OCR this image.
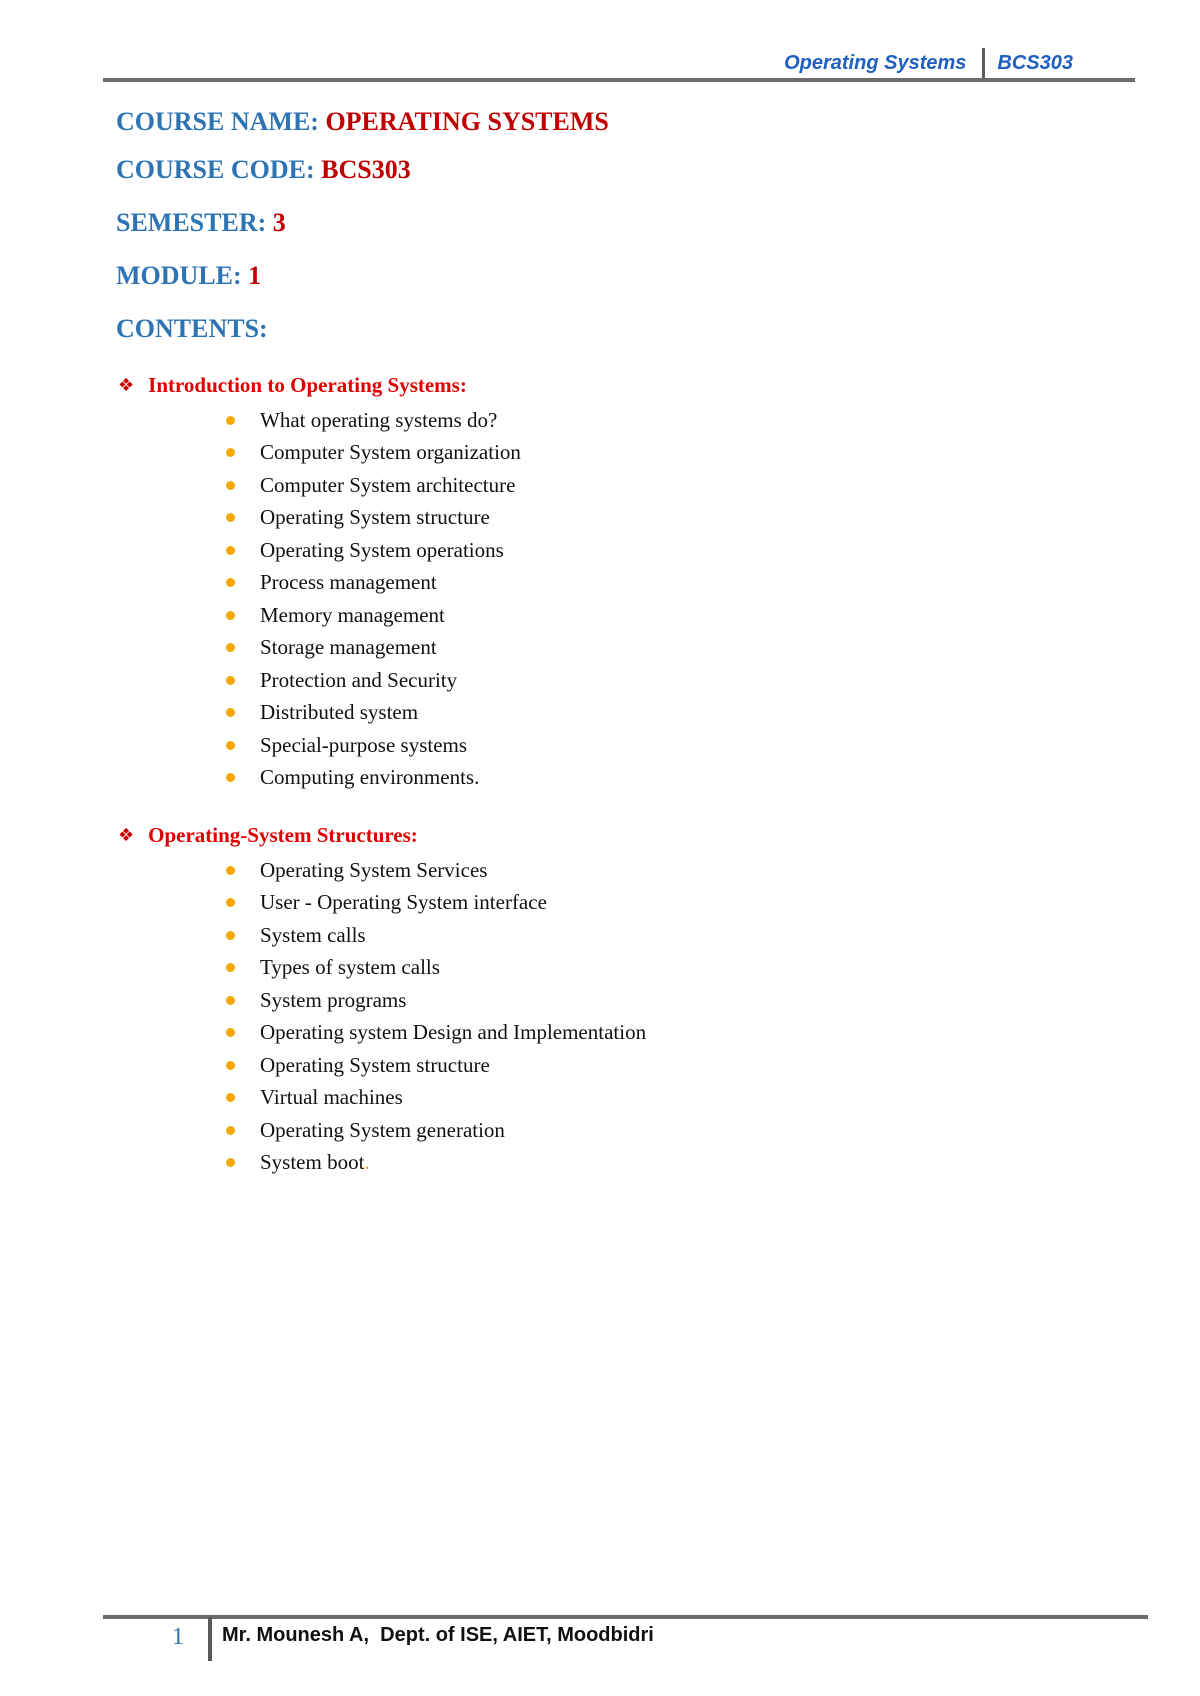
Operating Systems BCS303
COURSE NAME: OPERATING SYSTEMS
COURSE CODE: BCS303
SEMESTER: 3
MODULE: 1
CONTENTS:
❖ Introduction to Operating Systems:
What operating systems do?
Computer System organization
Computer System architecture
Operating System structure
Operating System operations
Process management
Memory management
Storage management
Protection and Security
Distributed system
Special-purpose systems
Computing environments.
❖ Operating-System Structures:
Operating System Services
User - Operating System interface
System calls
Types of system calls
System programs
Operating system Design and Implementation
Operating System structure
Virtual machines
Operating System generation
System boot .
1 Mr. Mounesh A,  Dept. of ISE, AIET, Moodbidri
